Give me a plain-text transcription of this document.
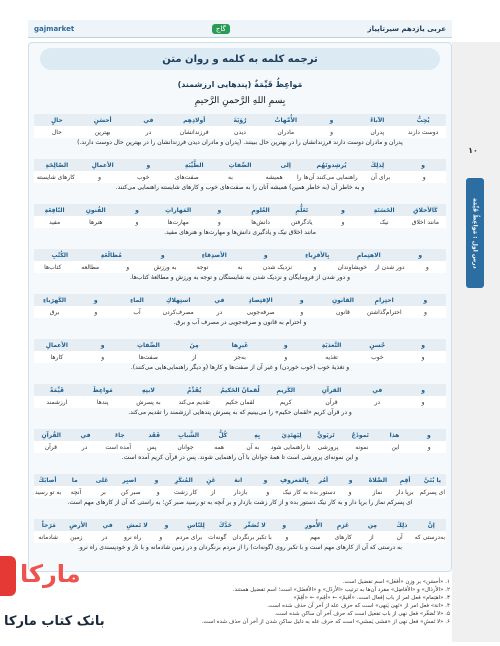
۱۰
درس اول : مَواعِظُ قَيِّمَة
عربی یازدهم سیرتاپیاز
گاج
gajmarket
ترجمه کلمه به کلمه و روان متن
مَواعِظُ قَيِّمَةٌ (پندهایی ارزشمند)
بِسمِ اللهِ الرَّحمنِ الرَّحيمِ
يُحِبُّ
الآباءُ
و
الأُمَّهاتُ
رُؤيَةَ
أولادِهِم
في
أحسَنِ
حالٍ
دوست دارند
پدران
و
مادران
دیدن
فرزندانشان
در
بهترین
حال
پدران و مادران دوست دارند فرزندانشان را در بهترین حال ببینند. (پدران و مادران دیدن فرزندانشان را در بهترین حال دوست دارند.)
و
لِذلِكَ
يُرشِدونَهُم
إلى
الصِّفاتِ
الطَّيِّبَةِ
و
الأعمالِ
الصّالِحَةِ
و
برای آن
راهنمایی می‌کنند آن‌ها را
همیشه
به
صفت‌های
خوب
و
کارهای شایسته
و به خاطر آن (به خاطر همین) همیشه آنان را به صفت‌های خوب و کارهای شایسته راهنمایی می‌کنند.
كَالأخلاقِ
الحَسَنَةِ
و
تَعَلُّمِ
العُلومِ
و
المَهاراتِ
و
الفُنونِ
النّافِعَةِ
مانند اخلاق
نیک
و
یادگرفتن
دانش‌ها
و
مهارت‌ها
و
هنرها
مفید
مانند اخلاق نیک و یادگیری دانش‌ها و مهارت‌ها و هنرهای مفید.
و
الاهتِمامِ
بِالأقرِباءِ
و
الأصدِقاءِ
و
مُطالَعَةِ
الكُتُبِ
و
دور شدن از
خویشاوندان
و
نزدیک شدن
به
توجه
به ورزش
و
مطالعه
کتاب‌ها
و دور شدن از فرومایگان و نزدیک شدن به شایستگان و توجه به ورزش و مطالعهٔ کتاب‌ها.
و
احتِرامِ
القانونِ
و
الإقتِصادِ
في
استِهلاكِ
الماءِ
و
الكَهرَباءِ
و
احترام‌گذاشتن
قانون
و
صرفه‌جویی
در
مصرف‌کردن
آب
و
برق
و احترام به قانون و صرفه‌جویی در مصرف آب و برق.
و
حُسنِ
التَّغذيَةِ
و
غَيرِها
مِنَ
الصِّفاتِ
و
الأعمالِ
و
خوب
تغذیه
و
به‌جز
از
صفت‌ها
و
کارها
و تغذیهٔ خوب (خوب خوردن) و غیر آن از صفت‌ها و کارها (و دیگر راهنمایی‌هایی می‌کنند).
و
في
القرآنِ
الكَريمِ
لُقمانُ الحَكيمُ
يُقَدِّمُ
لابنِهِ
مَواعِظَ
قَيِّمَةً
و
در
قرآن
کریم
لقمان حکیم
تقدیم می‌کند
به پسرش
پندها
ارزشمند
و در قرآن کریم «لقمان حکیم» را می‌بینیم که به پسرش پندهایی ارزشمند را تقدیم می‌کند.
و
هذا
نَموذَجٌ
تَربَويٌّ
لِيَهتَدِيَ
بِهِ
كُلُّ
الشَّبابِ
فَقَد
جاءَ
في
القُرآنِ
و
این
نمونه
پرورشی
تا راهنمایی شود
به آن
همه
جوانان
پس
آمده است
در
قرآن
و این نمونه‌ای پرورشی است تا همهٔ جوانان با آن راهنمایی شوند. پس در قرآن کریم آمده است.
يا بُنَيَّ
أقِمِ
الصَّلاةَ
و
أمُر
بِالمَعروفِ
و
انهَ
عَنِ
المُنكَرِ
و
اصبِر
عَلى
ما
أصابَكَ
ای پسرکم
برپا دار
نماز
و
دستور بده
به کار نیک
و
بازدار
از
کار زشت
و
صبر کن
بر
آنچه
به تو رسید
ای پسرکم نماز را برپا دار و به کار نیک دستور بده و از کار زشت بازدار و بر آنچه به تو رسید صبر کن؛ به راستی که آن از کارهای مهم است.
إنَّ
ذلِكَ
مِن
عَزمِ
الأُمورِ
و
لا تُصَعِّر
خَدَّكَ
لِلنّاسِ
و
لا تَمشِ
في
الأرضِ
مَرَحاً
به‌درستی که
آن
از
کارهای
مهم
و
با تکبر برنگردان
گونه‌ات
برای مردم
و
راه نرو
در
زمین
شادمانه
به درستی که آن از کارهای مهم است و با تکبر روی (گونه‌ات) را از مردم برنگردان و در زمین شادمانه و با ناز و خودپسندی راه نرو.
۱. «أحسَن» بر وزن «أفعَل» اسم تفضیل است.
۲. «الأرذال» و «الأفاضِل» مفرد آن‌ها به ترتیب «الأرذَل» و «الأفضَل» است؛ اسم تفضیل هستند.
۳. «اهتِمام» فعل امر از باب إفعال است. «أقيمُ» ← «أقِم» ← «أقِمْ»
۴. «انهَ» فعل امر از «نَهى يَنهى» است که حرف عله از آخر آن حذف شده است.
۵. «لا تُصَعِّر» فعل نهی از باب تفعیل است که حرف آخر آن ساکن شده است.
۶. «لا تَمشِ» فعل نهی از «مَشى يَمشي» است که حرف عله به دلیل ساکن شدن از آخر آن حذف شده است.
مارکا
بانک کتاب مارکا
